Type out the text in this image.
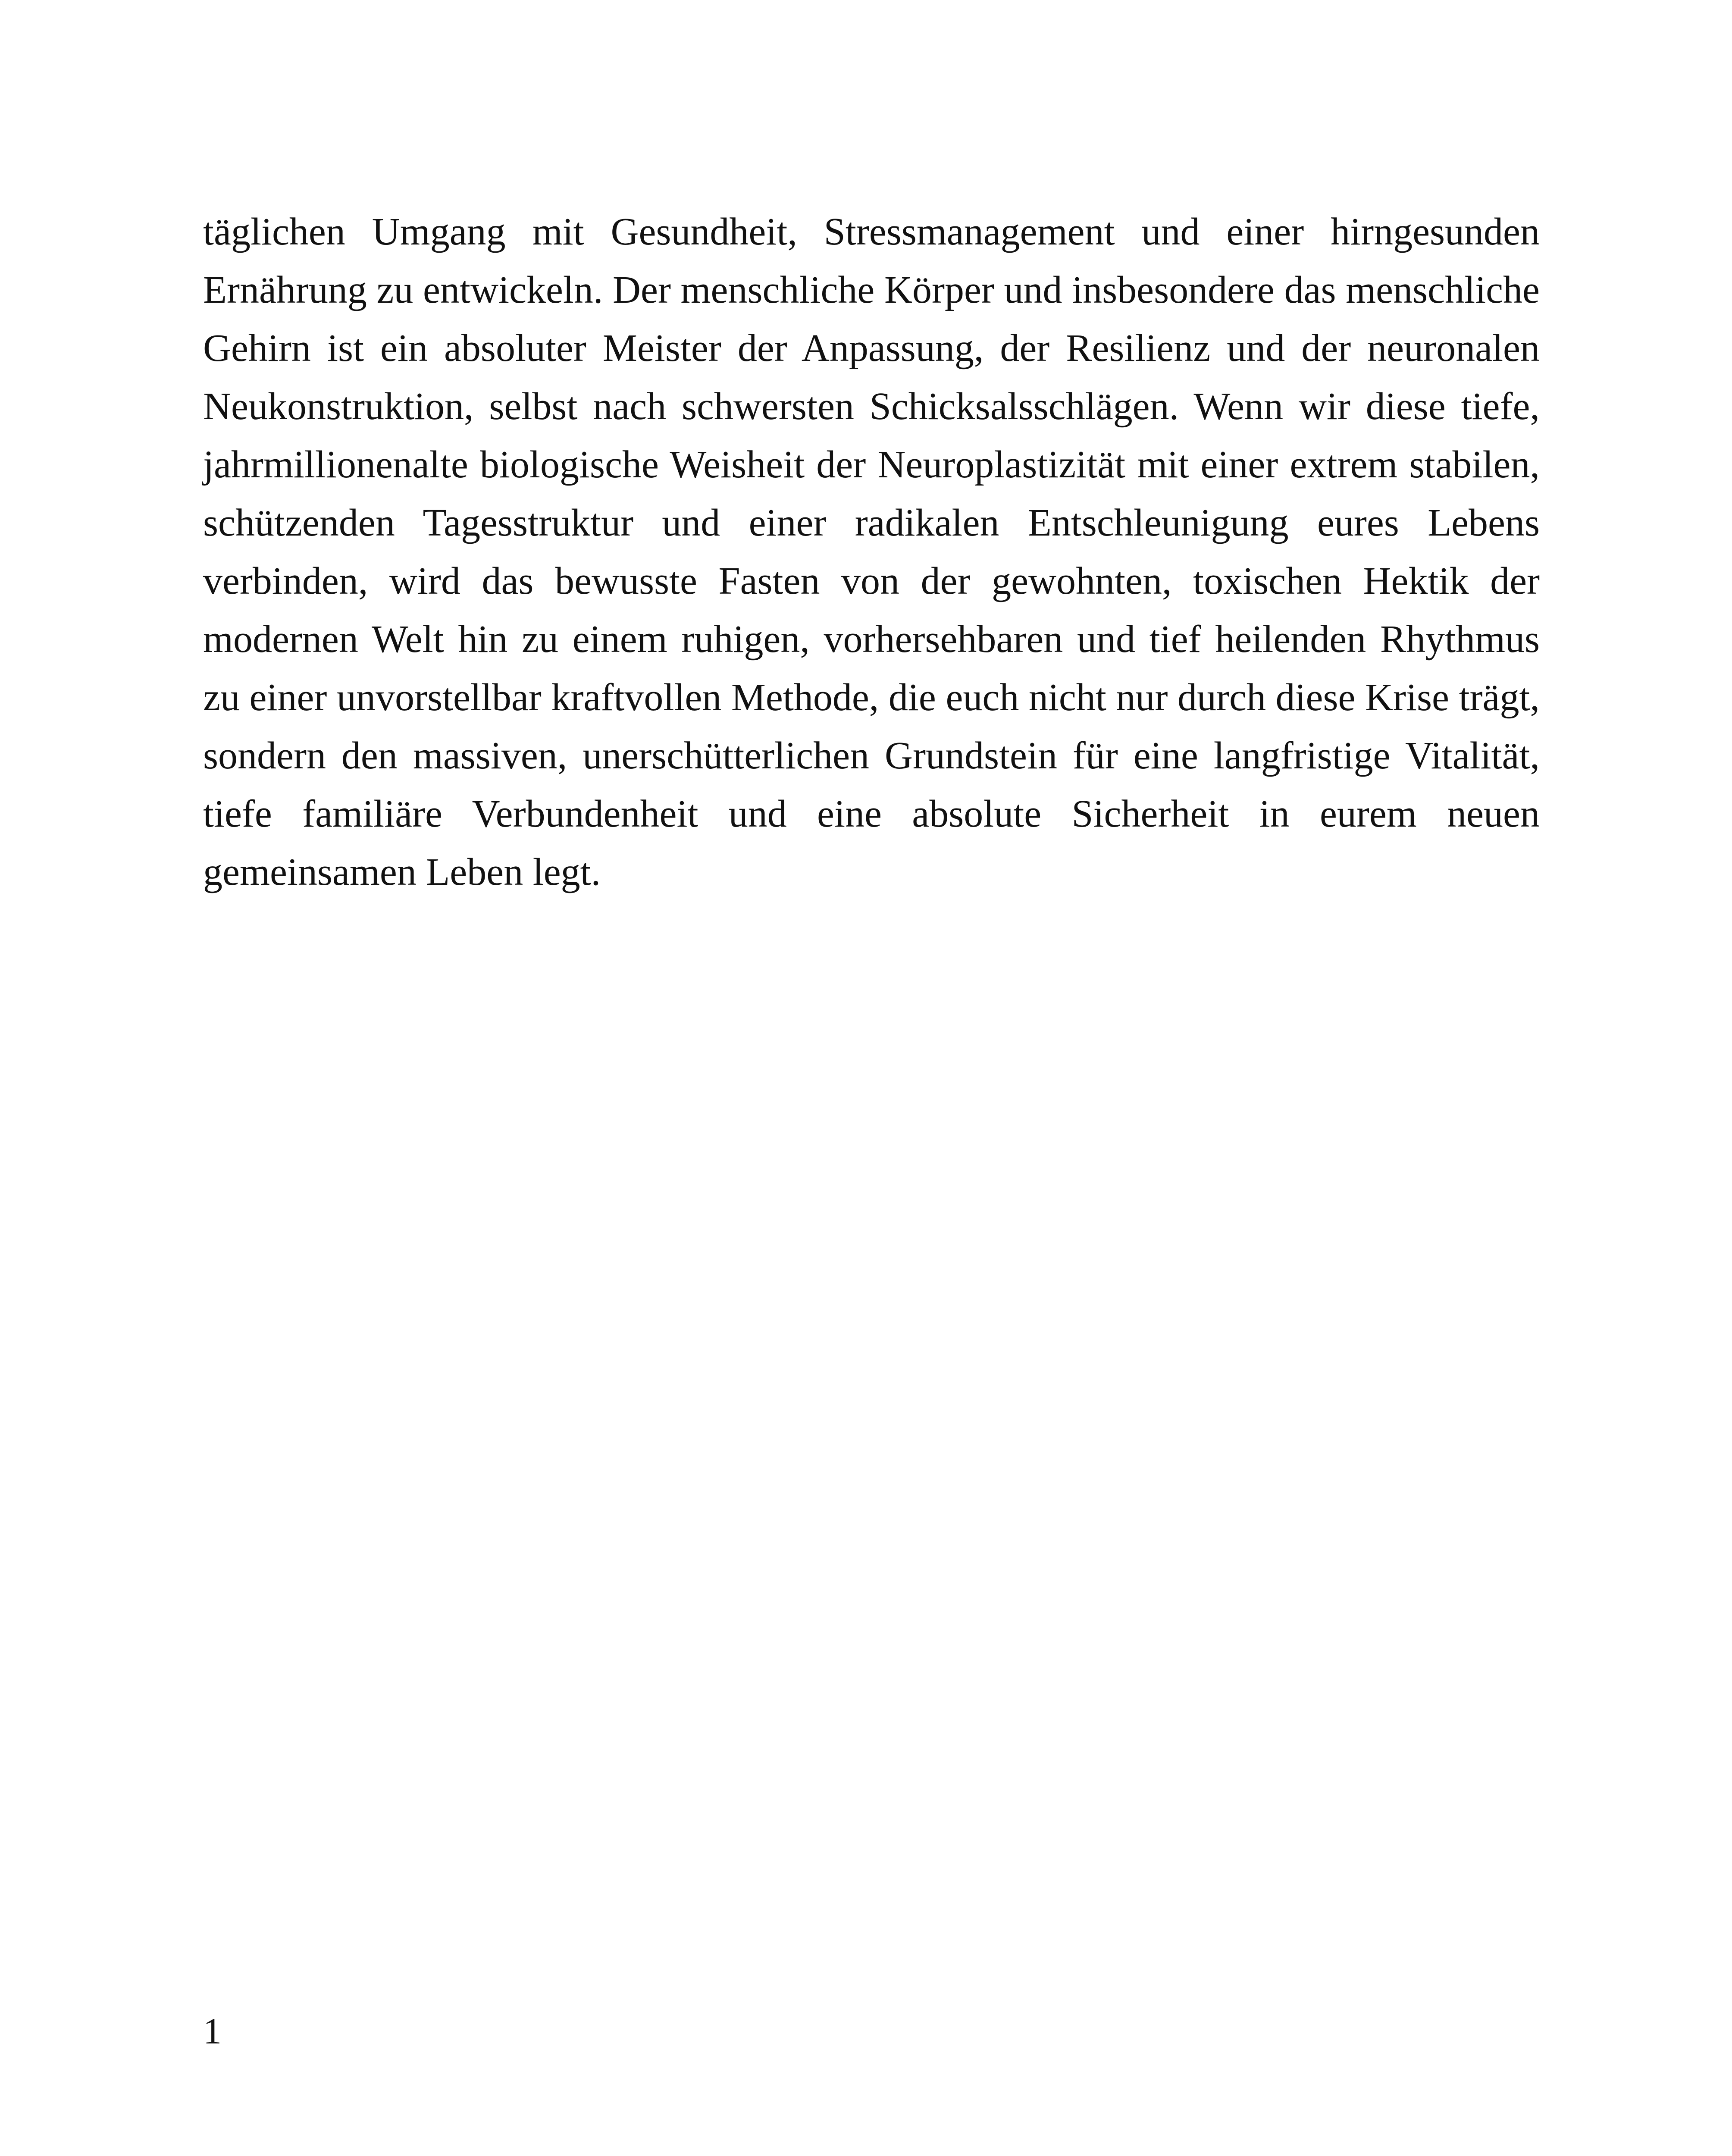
täglichen Umgang mit Gesundheit, Stressmanagement und einer hirngesunden Ernährung zu entwickeln. Der menschliche Körper und insbesondere das menschliche Gehirn ist ein absoluter Meister der Anpassung, der Resilienz und der neuronalen Neukonstruktion, selbst nach schwersten Schicksalsschlägen. Wenn wir diese tiefe, jahrmillionenalte biologische Weisheit der Neuroplastizität mit einer extrem stabilen, schützenden Tagesstruktur und einer radikalen Entschleunigung eures Lebens verbinden, wird das bewusste Fasten von der gewohnten, toxischen Hektik der modernen Welt hin zu einem ruhigen, vorhersehbaren und tief heilenden Rhythmus zu einer unvorstellbar kraftvollen Methode, die euch nicht nur durch diese Krise trägt, sondern den massiven, unerschütterlichen Grundstein für eine langfristige Vitalität, tiefe familiäre Verbundenheit und eine absolute Sicherheit in eurem neuen gemeinsamen Leben legt.

1
